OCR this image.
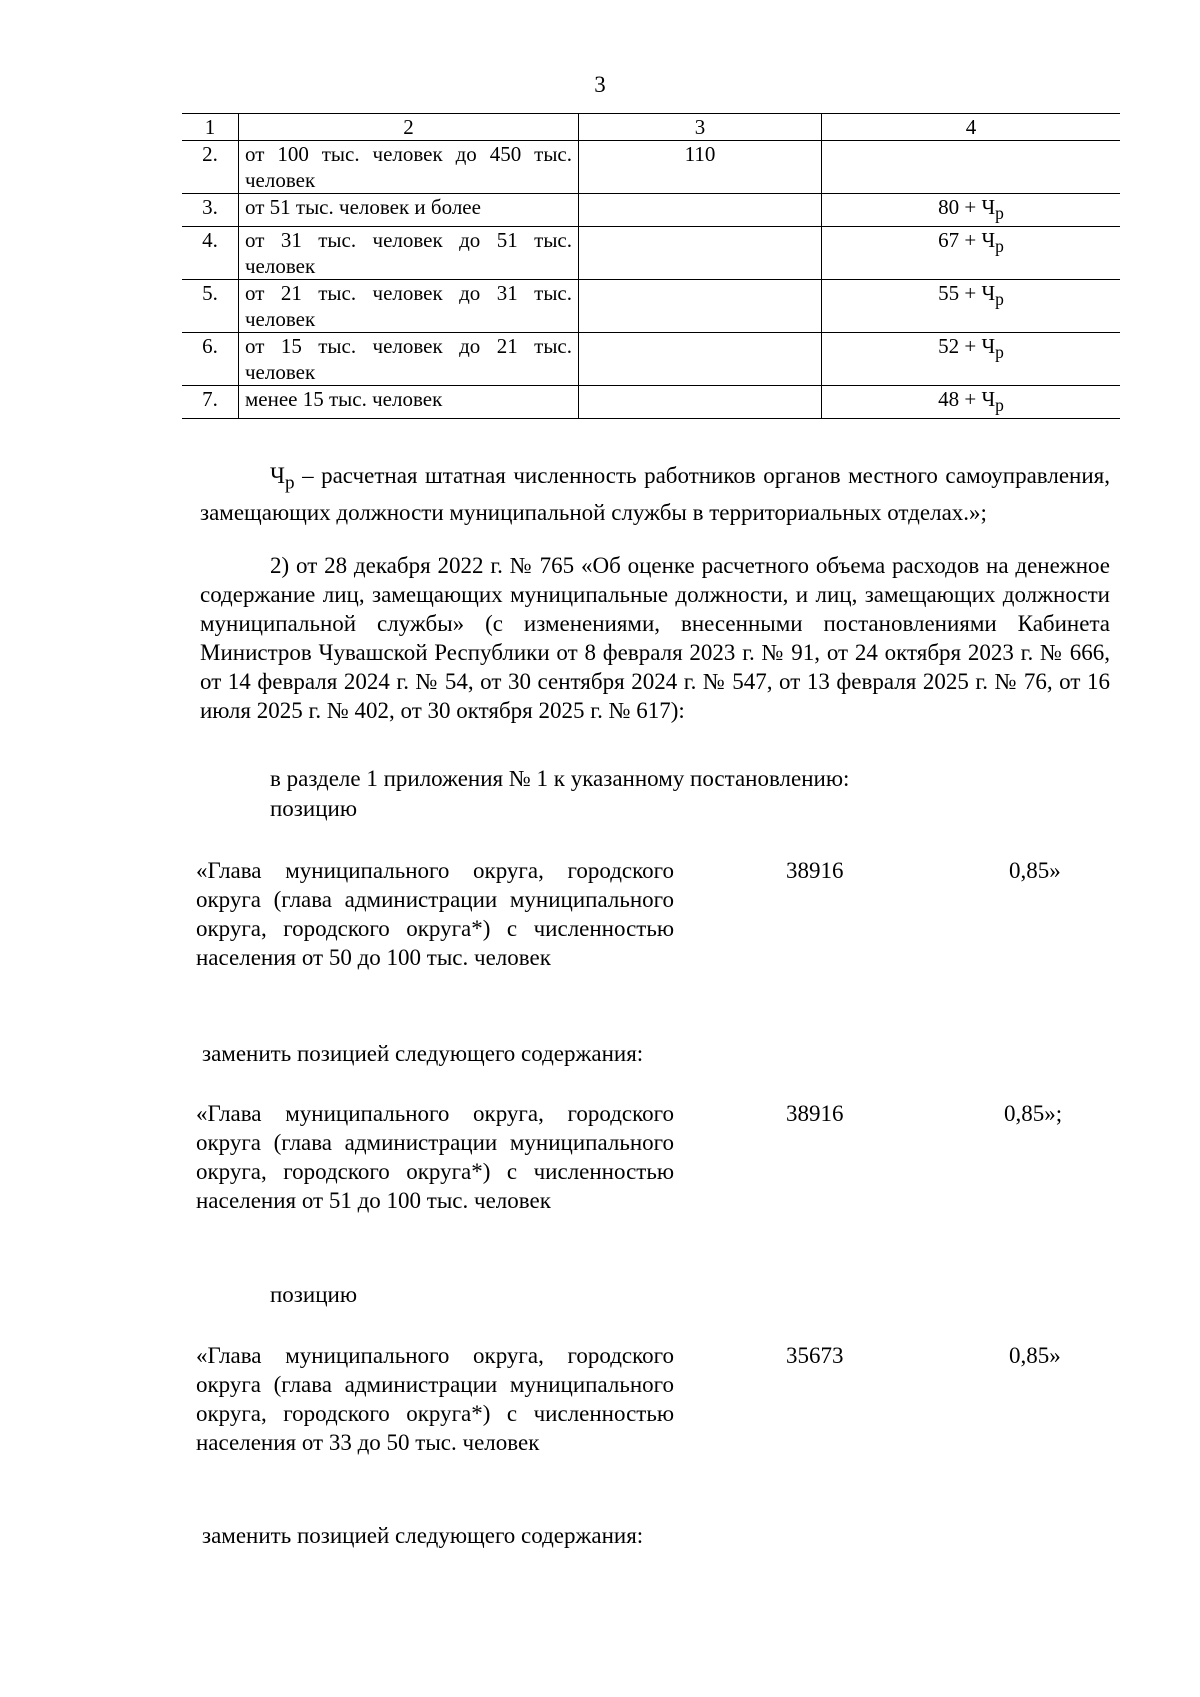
3
1	2	3	4
2.	от 100 тыс. человек до 450 тыс. человек	110	
3.	от 51 тыс. человек и более		$80 + Ч_р$
4.	от 31 тыс. человек до 51 тыс. человек		$67 + Ч_р$
5.	от 21 тыс. человек до 31 тыс. человек		$55 + Ч_р$
6.	от 15 тыс. человек до 21 тыс. человек		$52 + Ч_р$
7.	менее 15 тыс. человек		$48 + Ч_р$
$Ч_р$ – расчетная штатная численность работников органов местного самоуправления, замещающих должности муниципальной службы в территориальных отделах.»;
2) от 28 декабря 2022 г. № 765 «Об оценке расчетного объема расходов на денежное содержание лиц, замещающих муниципальные должности, и лиц, замещающих должности муниципальной службы» (с изменениями, внесенными постановлениями Кабинета Министров Чувашской Республики от 8 февраля 2023 г. № 91, от 24 октября 2023 г. № 666, от 14 февраля 2024 г. № 54, от 30 сентября 2024 г. № 547, от 13 февраля 2025 г. № 76, от 16 июля 2025 г. № 402, от 30 октября 2025 г. № 617):
в разделе 1 приложения № 1 к указанному постановлению:
позицию
«Глава муниципального округа, городского округа (глава администрации муниципального округа, городского округа*) с численностью населения от 50 до 100 тыс. человек
38916	0,85»
заменить позицией следующего содержания:
«Глава муниципального округа, городского округа (глава администрации муниципального округа, городского округа*) с численностью населения от 51 до 100 тыс. человек
38916	0,85»;
позицию
«Глава муниципального округа, городского округа (глава администрации муниципального округа, городского округа*) с численностью населения от 33 до 50 тыс. человек
35673	0,85»
заменить позицией следующего содержания:
